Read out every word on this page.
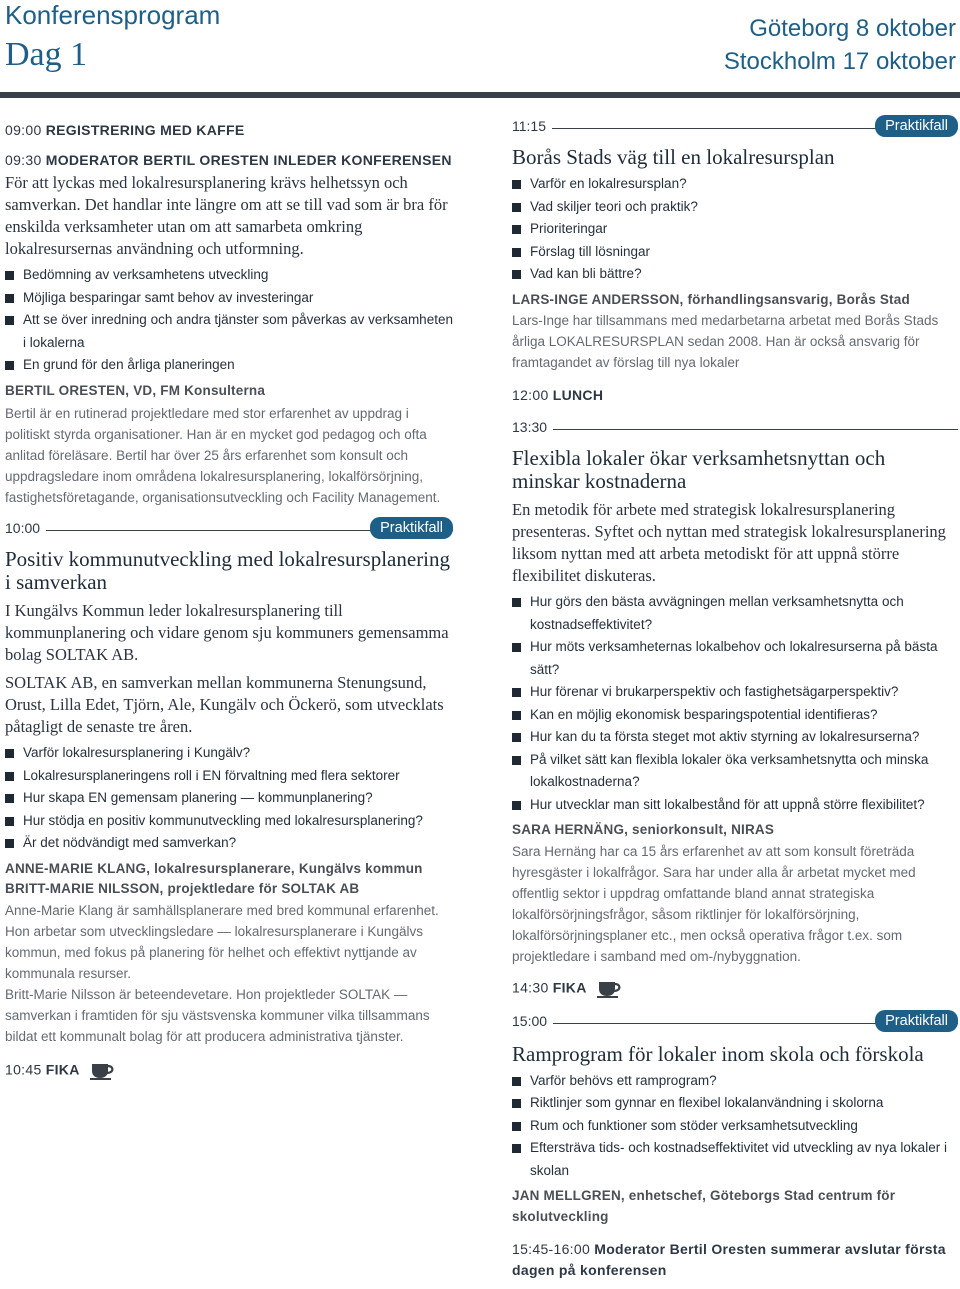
Konferensprogram
Dag 1
Göteborg 8 oktober
Stockholm 17 oktober
09:00 REGISTRERING MED KAFFE
09:30 MODERATOR BERTIL ORESTEN INLEDER KONFERENSEN
För att lyckas med lokalresursplanering krävs helhetssyn och samverkan. Det handlar inte längre om att se till vad som är bra för enskilda verksamheter utan om att samarbeta omkring lokalresursernas användning och utformning.
Bedömning av verksamhetens utveckling
Möjliga besparingar samt behov av investeringar
Att se över inredning och andra tjänster som påverkas av verksamheten i lokalerna
En grund för den årliga planeringen
BERTIL ORESTEN, VD, FM Konsulterna
Bertil är en rutinerad projektledare med stor erfarenhet av uppdrag i politiskt styrda organisationer. Han är en mycket god pedagog och ofta anlitad föreläsare. Bertil har över 25 års erfarenhet som konsult och uppdragsledare inom områdena lokalresursplanering, lokalförsörjning, fastighetsföretagande, organisationsutveckling och Facility Management.
10:00	Praktikfall
Positiv kommunutveckling med lokalresursplanering i samverkan
I Kungälvs Kommun leder lokalresursplanering till kommunplanering och vidare genom sju kommuners gemensamma bolag SOLTAK AB.
SOLTAK AB, en samverkan mellan kommunerna Stenungsund, Orust, Lilla Edet, Tjörn, Ale, Kungälv och Öckerö, som utvecklats påtagligt de senaste tre åren.
Varför lokalresursplanering i Kungälv?
Lokalresursplaneringens roll i EN förvaltning med flera sektorer
Hur skapa EN gemensam planering — kommunplanering?
Hur stödja en positiv kommunutveckling med lokalresursplanering?
Är det nödvändigt med samverkan?
ANNE-MARIE KLANG, lokalresursplanerare, Kungälvs kommun
BRITT-MARIE NILSSON, projektledare för SOLTAK AB
Anne-Marie Klang är samhällsplanerare med bred kommunal erfarenhet. Hon arbetar som utvecklingsledare — lokalresursplanerare i Kungälvs kommun, med fokus på planering för helhet och effektivt nyttjande av kommunala resurser.
Britt-Marie Nilsson är beteendevetare. Hon projektleder SOLTAK — samverkan i framtiden för sju västsvenska kommuner vilka tillsammans bildat ett kommunalt bolag för att producera administrativa tjänster.
10:45 FIKA
11:15	Praktikfall
Borås Stads väg till en lokalresursplan
Varför en lokalresursplan?
Vad skiljer teori och praktik?
Prioriteringar
Förslag till lösningar
Vad kan bli bättre?
LARS-INGE ANDERSSON, förhandlingsansvarig, Borås Stad
Lars-Inge har tillsammans med medarbetarna arbetat med Borås Stads årliga LOKALRESURSPLAN sedan 2008. Han är också ansvarig för framtagandet av förslag till nya lokaler
12:00 LUNCH
13:30
Flexibla lokaler ökar verksamhetsnyttan och minskar kostnaderna
En metodik för arbete med strategisk lokalresursplanering presenteras. Syftet och nyttan med strategisk lokalresursplanering liksom nyttan med att arbeta metodiskt för att uppnå större flexibilitet diskuteras.
Hur görs den bästa avvägningen mellan verksamhetsnytta och kostnadseffektivitet?
Hur möts verksamheternas lokalbehov och lokalresurserna på bästa sätt?
Hur förenar vi brukarperspektiv och fastighetsägarperspektiv?
Kan en möjlig ekonomisk besparingspotential identifieras?
Hur kan du ta första steget mot aktiv styrning av lokalresurserna?
På vilket sätt kan flexibla lokaler öka verksamhetsnytta och minska lokalkostnaderna?
Hur utvecklar man sitt lokalbestånd för att uppnå större flexibilitet?
SARA HERNÄNG, seniorkonsult, NIRAS
Sara Hernäng har ca 15 års erfarenhet av att som konsult företräda hyresgäster i lokalfrågor. Sara har under alla år arbetat mycket med offentlig sektor i uppdrag omfattande bland annat strategiska lokalförsörjningsfrågor, såsom riktlinjer för lokalförsörjning, lokalförsörjningsplaner etc., men också operativa frågor t.ex. som projektledare i samband med om-/nybyggnation.
14:30 FIKA
15:00	Praktikfall
Ramprogram för lokaler inom skola och förskola
Varför behövs ett ramprogram?
Riktlinjer som gynnar en flexibel lokalanvändning i skolorna
Rum och funktioner som stöder verksamhetsutveckling
Eftersträva tids- och kostnadseffektivitet vid utveckling av nya lokaler i skolan
JAN MELLGREN, enhetschef, Göteborgs Stad centrum för skolutveckling
15:45-16:00 Moderator Bertil Oresten summerar avslutar första dagen på konferensen
